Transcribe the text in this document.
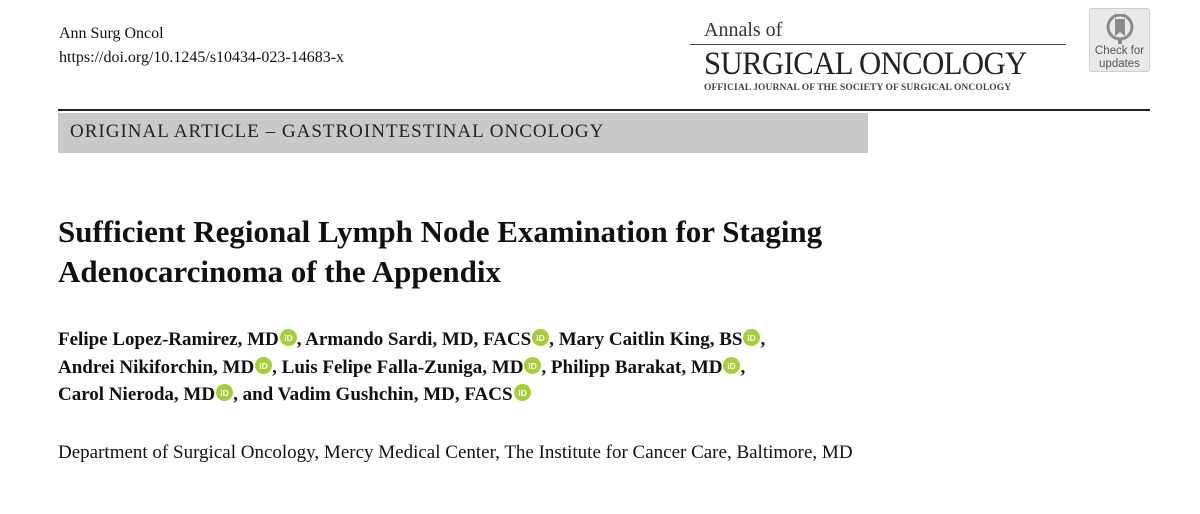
Ann Surg Oncol
https://doi.org/10.1245/s10434-023-14683-x
Annals of
SURGICAL ONCOLOGY
OFFICIAL JOURNAL OF THE SOCIETY OF SURGICAL ONCOLOGY
Check for
updates
ORIGINAL ARTICLE – GASTROINTESTINAL ONCOLOGY
Sufficient Regional Lymph Node Examination for Staging
Adenocarcinoma of the Appendix
Felipe Lopez-Ramirez, MD iD , Armando Sardi, MD, FACS iD , Mary Caitlin King, BS iD ,
Andrei Nikiforchin, MD iD , Luis Felipe Falla-Zuniga, MD iD , Philipp Barakat, MD iD ,
Carol Nieroda, MD iD , and Vadim Gushchin, MD, FACS iD
Department of Surgical Oncology, Mercy Medical Center, The Institute for Cancer Care, Baltimore, MD
